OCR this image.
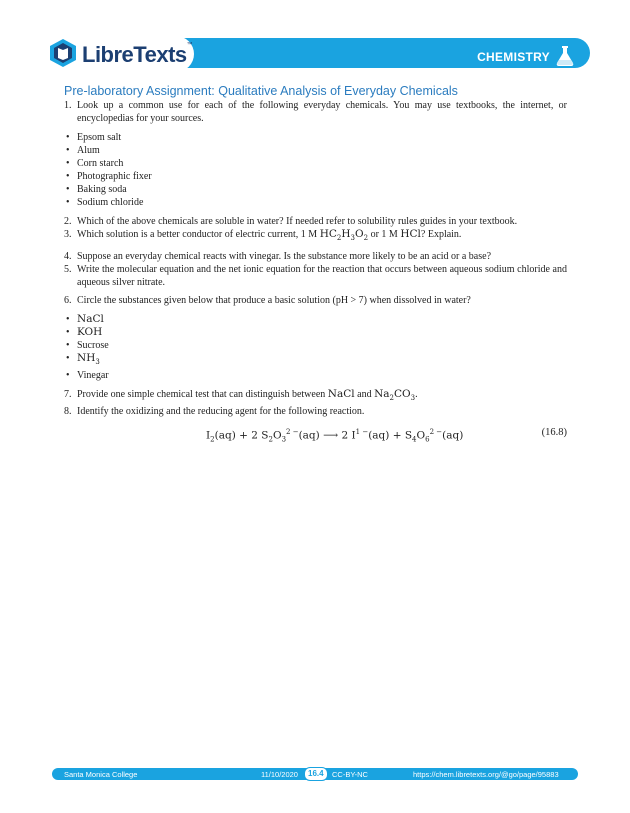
CHEMISTRY
LibreTexts™
Pre-laboratory Assignment: Qualitative Analysis of Everyday Chemicals
1. Look up a common use for each of the following everyday chemicals. You may use textbooks, the internet, or encyclopedias for your sources.
• Epsom salt
• Alum
• Corn starch
• Photographic fixer
• Baking soda
• Sodium chloride
2. Which of the above chemicals are soluble in water? If needed refer to solubility rules guides in your textbook.
3. Which solution is a better conductor of electric current, 1 M $HC_2H_3O_2$ or 1 M HCl? Explain.
4. Suppose an everyday chemical reacts with vinegar. Is the substance more likely to be an acid or a base?
5. Write the molecular equation and the net ionic equation for the reaction that occurs between aqueous sodium chloride and aqueous silver nitrate.
6. Circle the substances given below that produce a basic solution (pH > 7) when dissolved in water?
• NaCl
• KOH
• Sucrose
• $NH_3$
• Vinegar
7. Provide one simple chemical test that can distinguish between NaCl and $Na_2CO_3$.
8. Identify the oxidizing and the reducing agent for the following reaction.
$I_2(aq) + 2$ $S_2O_3^{2 -}(aq)$ ⟶ 2 $I^{1 -}(aq) + S_4O_6^{2 -}(aq)$	(16.8)
Santa Monica College	11/10/2020	16.4	CC-BY-NC	https://chem.libretexts.org/@go/page/95883
